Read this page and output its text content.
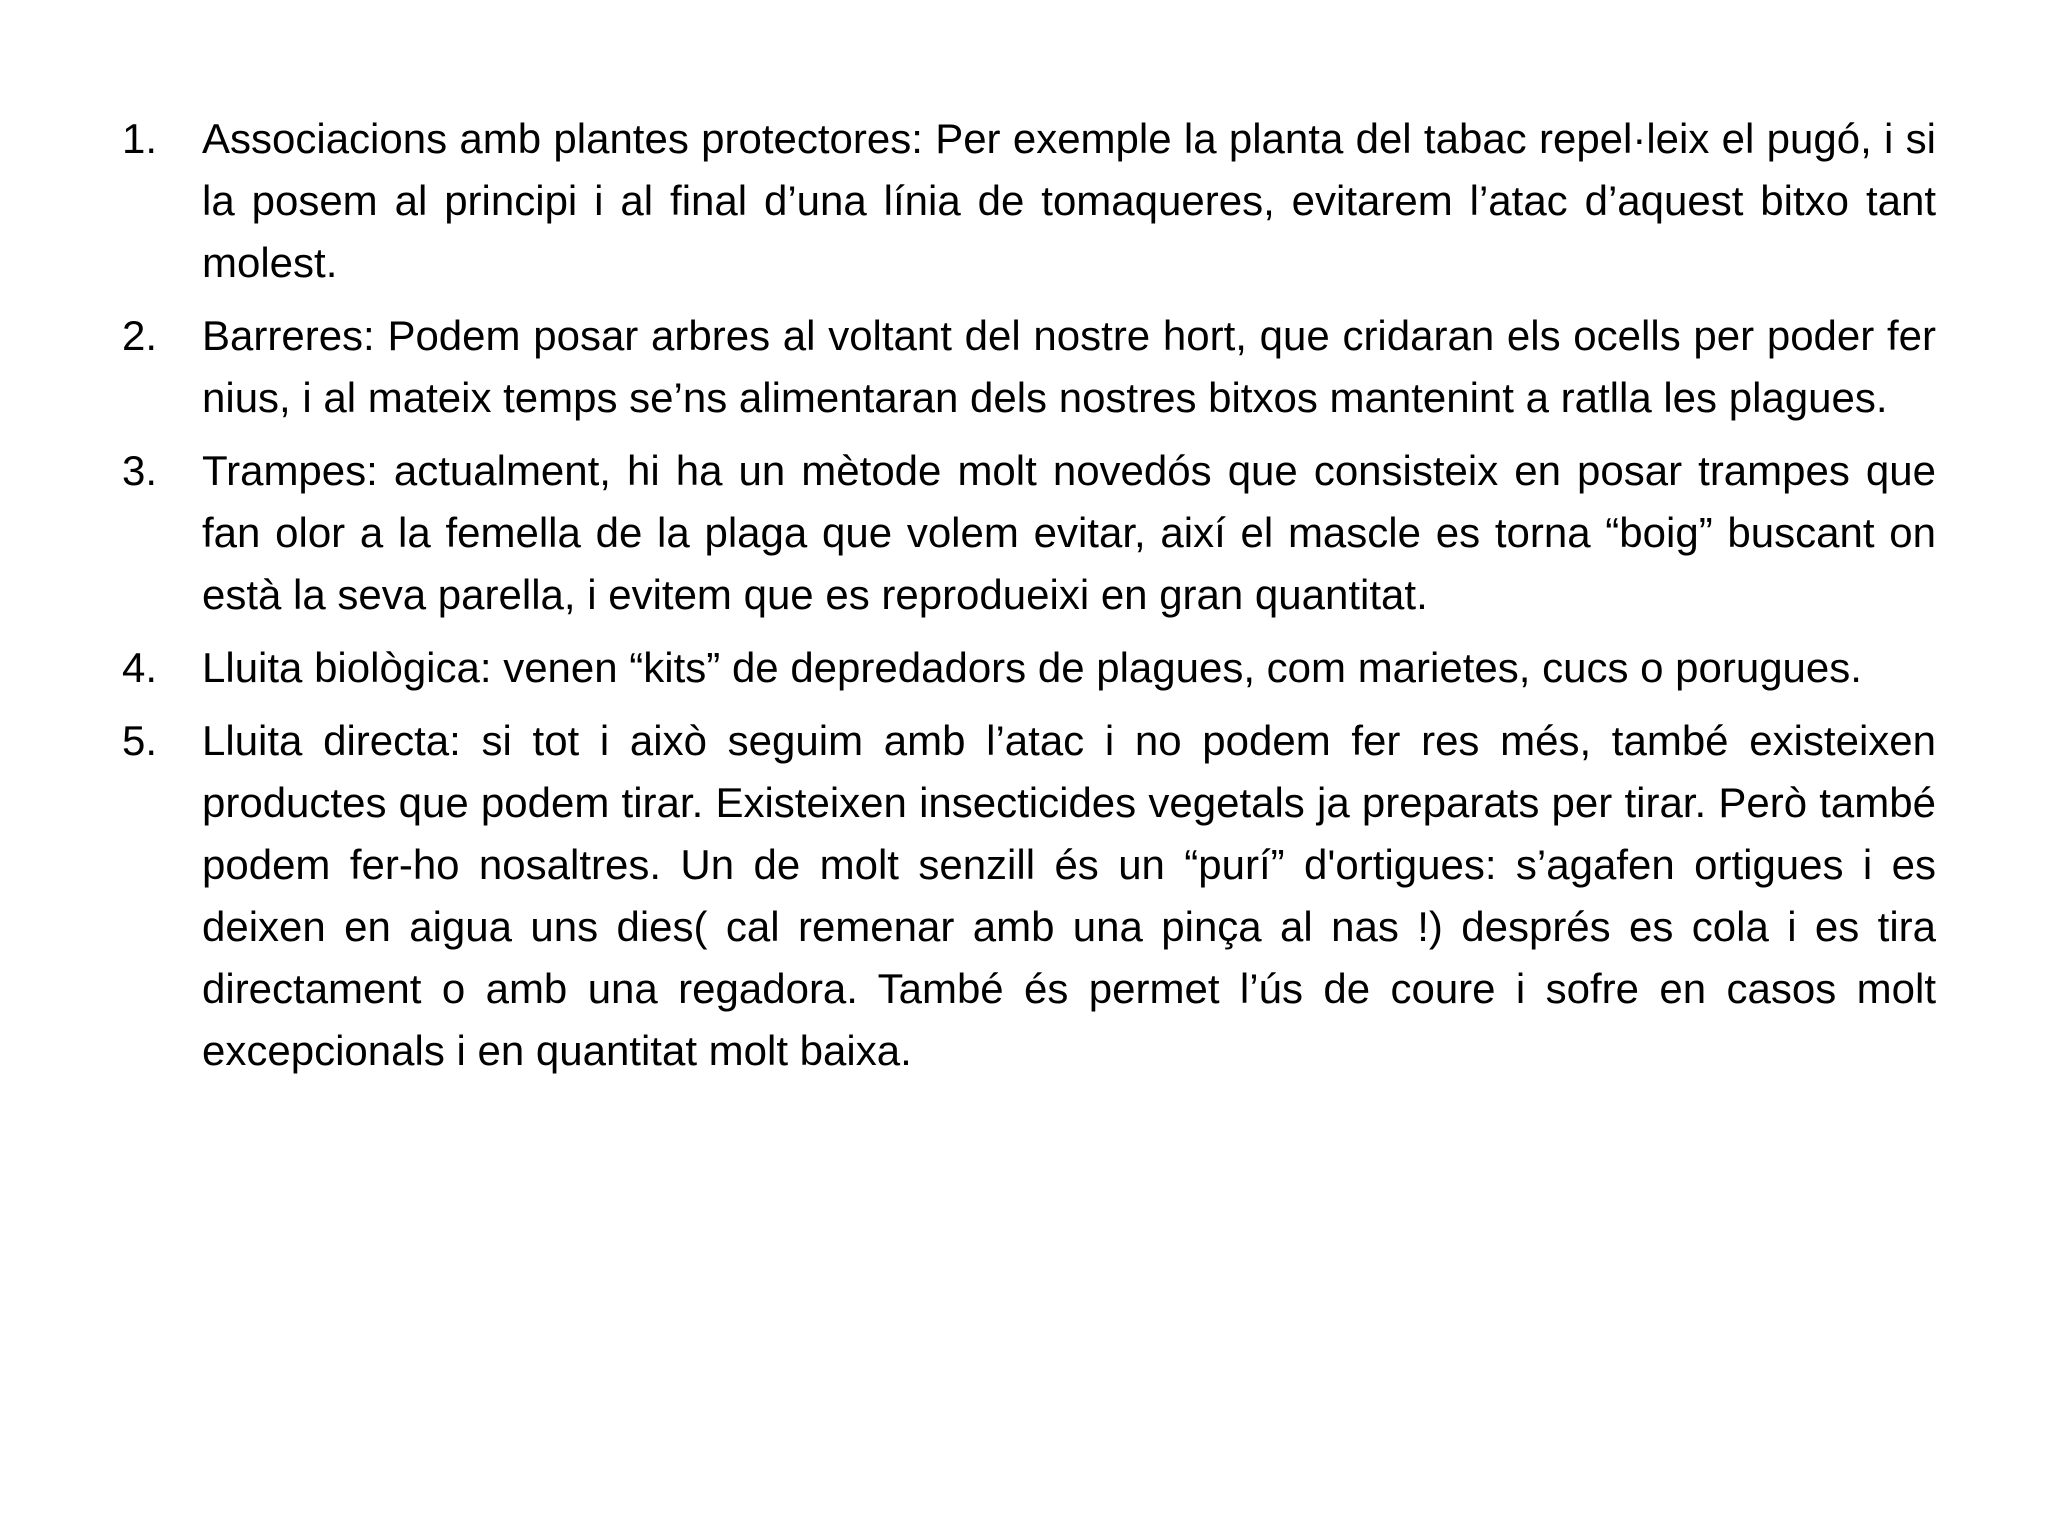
1.	Associacions amb plantes protectores: Per exemple la planta del tabac repel·leix el pugó, i si la posem al principi i al final d’una línia de tomaqueres, evitarem l’atac d’aquest bitxo tant molest.
2.	Barreres: Podem posar arbres al voltant del nostre hort, que cridaran els ocells per poder fer nius, i al mateix temps se’ns alimentaran dels nostres bitxos mantenint a ratlla les plagues.
3.	Trampes: actualment, hi ha un mètode molt novedós que consisteix en posar trampes que fan olor a la femella de la plaga que volem evitar, així el mascle es torna “boig” buscant on està la seva parella, i evitem que es reprodueixi en gran quantitat.
4.	Lluita biològica: venen “kits” de depredadors de plagues, com marietes, cucs o porugues.
5.	Lluita directa: si tot i això seguim amb l’atac i no podem fer res més, també existeixen productes que podem tirar. Existeixen insecticides vegetals ja preparats per tirar. Però també podem fer-ho nosaltres. Un de molt senzill és un “purí” d'ortigues: s’agafen ortigues i es deixen en aigua uns dies( cal remenar amb una pinça al nas !) després es cola i es tira directament o amb una regadora. També és permet l’ús de coure i sofre en casos molt excepcionals i en quantitat molt baixa.
